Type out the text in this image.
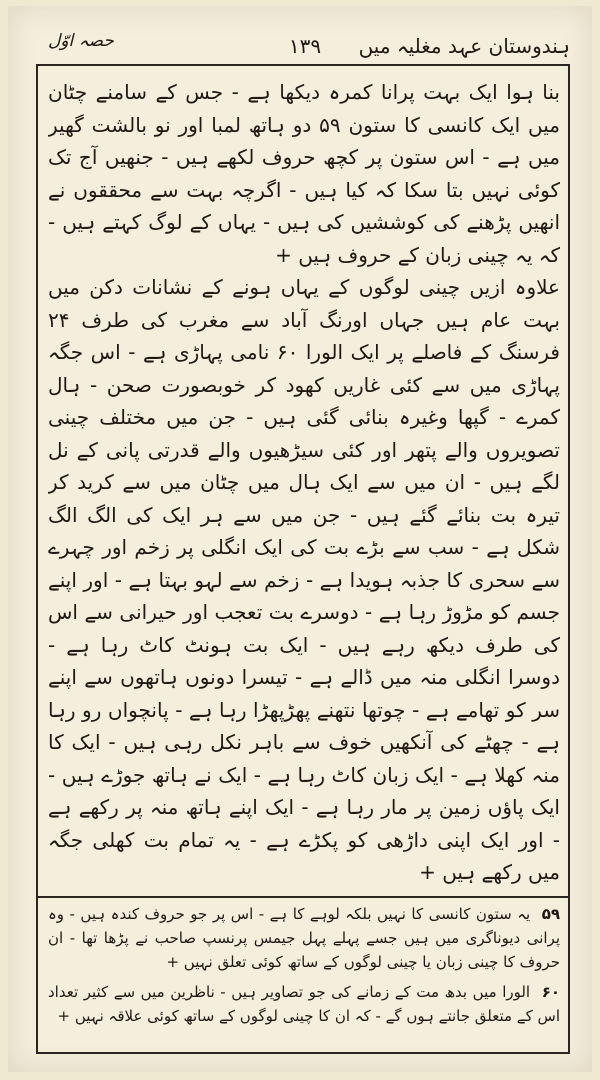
حصہ اوّل	۱۳۹	ہندوستان عہد مغلیہ میں

بنا ہوا ایک بہت پرانا کمرہ دیکھا ہے - جس کے سامنے چٹان میں ایک کانسی کا ستون ۵۹ دو ہاتھ لمبا اور نو بالشت گھیر میں ہے - اس ستون پر کچھ حروف لکھے ہیں - جنھیں آج تک کوئی نہیں بتا سکا کہ کیا ہیں - اگرچہ بہت سے محققوں نے انھیں پڑھنے کی کوششیں کی ہیں - یہاں کے لوگ کہتے ہیں - کہ یہ چینی زبان کے حروف ہیں +

علاوہ ازیں چینی لوگوں کے یہاں ہونے کے نشانات دکن میں بہت عام ہیں جہاں اورنگ آباد سے مغرب کی طرف ۲۴ فرسنگ کے فاصلے پر ایک الورا ۶۰ نامی پہاڑی ہے - اس جگہ پہاڑی میں سے کئی غاریں کھود کر خوبصورت صحن - ہال کمرے - گپھا وغیرہ بنائی گئی ہیں - جن میں مختلف چینی تصویروں والے پتھر اور کئی سیڑھیوں والے قدرتی پانی کے نل لگے ہیں - ان میں سے ایک ہال میں چٹان میں سے کرید کر تیرہ بت بنائے گئے ہیں - جن میں سے ہر ایک کی الگ الگ شکل ہے - سب سے بڑے بت کی ایک انگلی پر زخم اور چہرے سے سحری کا جذبہ ہویدا ہے - زخم سے لہو بہتا ہے - اور اپنے جسم کو مڑوڑ رہا ہے - دوسرے بت تعجب اور حیرانی سے اس کی طرف دیکھ رہے ہیں - ایک بت ہونٹ کاٹ رہا ہے - دوسرا انگلی منہ میں ڈالے ہے - تیسرا دونوں ہاتھوں سے اپنے سر کو تھامے ہے - چوتھا نتھنے پھڑپھڑا رہا ہے - پانچواں رو رہا ہے - چھٹے کی آنکھیں خوف سے باہر نکل رہی ہیں - ایک کا منہ کھلا ہے - ایک زبان کاٹ رہا ہے - ایک نے ہاتھ جوڑے ہیں - ایک پاؤں زمین پر مار رہا ہے - ایک اپنے ہاتھ منہ پر رکھے ہے - اور ایک اپنی داڑھی کو پکڑے ہے - یہ تمام بت کھلی جگہ میں رکھے ہیں +

۵۹ یہ ستون کانسی کا نہیں بلکہ لوہے کا ہے - اس پر جو حروف کندہ ہیں - وہ پرانی دیوناگری میں ہیں جسے پہلے پہل جیمس پرنسپ صاحب نے پڑھا تھا - ان حروف کا چینی زبان یا چینی لوگوں کے ساتھ کوئی تعلق نہیں +

۶۰ الورا میں بدھ مت کے زمانے کی جو تصاویر ہیں - ناظرین میں سے کثیر تعداد اس کے متعلق جانتے ہوں گے - کہ ان کا چینی لوگوں کے ساتھ کوئی علاقہ نہیں +
